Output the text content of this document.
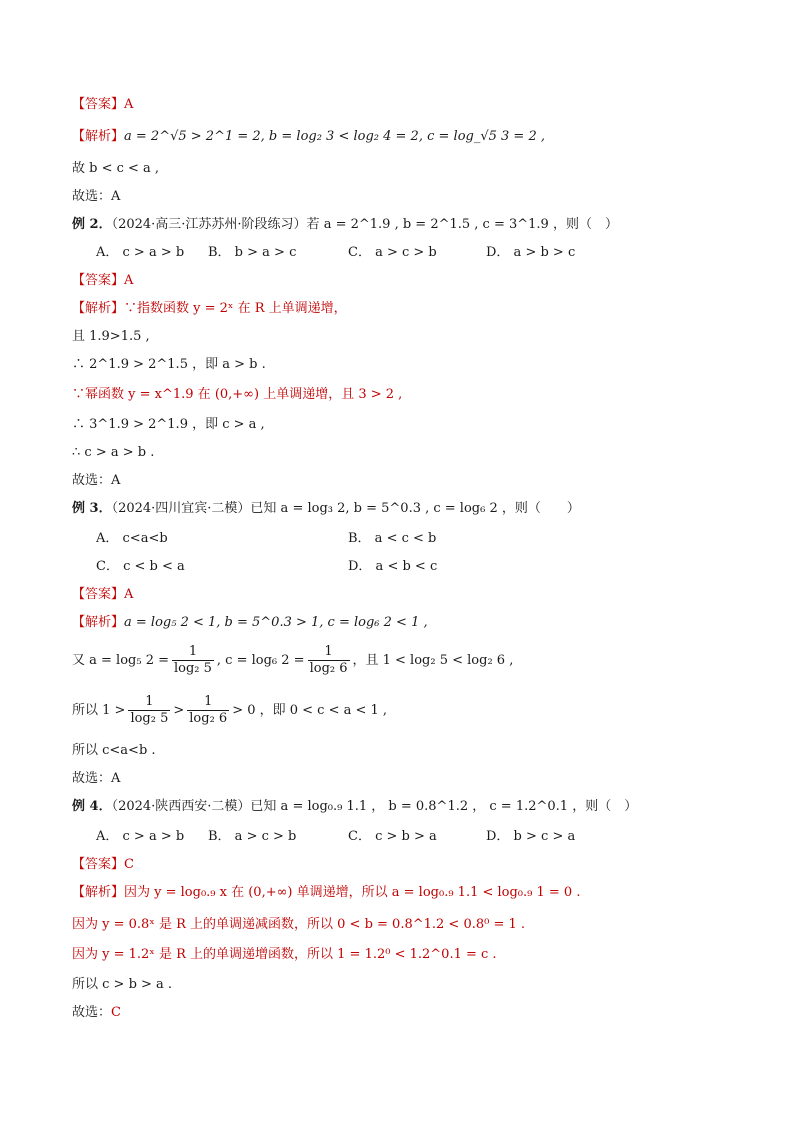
【答案】A
【解析】a = 2^√5 > 2^1 = 2, b = log₂ 3 < log₂ 4 = 2, c = log_√5 3 = 2 ,
故 b < c < a ,
故选：A
例 2．（2024·高三·江苏苏州·阶段练习）若 a = 2^1.9 , b = 2^1.5 , c = 3^1.9 ，则（　）
A． c > a > b B． b > a > c	C． a > c > b	D． a > b > c
【答案】A
【解析】∵指数函数 y = 2ˣ 在 R 上单调递增，
且 1.9>1.5 ,
∴ 2^1.9 > 2^1.5 ，即 a > b .
∵幂函数 y = x^1.9 在 (0,+∞) 上单调递增，且 3 > 2 ,
∴ 3^1.9 > 2^1.9 ，即 c > a ,
∴ c > a > b .
故选：A
例 3．（2024·四川宜宾·二模）已知 a = log₃ 2, b = 5^0.3 , c = log₆ 2 ，则（　　）
A． c<a<b	B． a < c < b
C． c < b < a	D． a < b < c
【答案】A
【解析】a = log₅ 2 < 1, b = 5^0.3 > 1, c = log₆ 2 < 1 ,
又 a = log₅ $2 = \frac{1}{\text{log₂ 5}}$ , c = log₆ $2 = \frac{1}{\text{log₂ 6}}$ ，且 1 < log₂ 5 < log₂ 6 ,
所以 $1 > \frac{1}{\text{log₂ 5}} > \frac{1}{\text{log₂ 6}} > 0$ ，即 0 < c < a < 1 ,
所以 c<a<b .
故选：A
例 4．（2024·陕西西安·二模）已知 a = log₀.₉ 1.1 ， b = 0.8^1.2 ， c = 1.2^0.1 ，则（　）
A． c > a > b B． a > c > b	C． c > b > a	D． b > c > a
【答案】C
【解析】因为 y = log₀.₉ x 在 (0,+∞) 单调递增，所以 a = log₀.₉ 1.1 < log₀.₉ 1 = 0 .
因为 y = 0.8ˣ 是 R 上的单调递减函数，所以 0 < b = 0.8^1.2 < 0.8⁰ = 1 .
因为 y = 1.2ˣ 是 R 上的单调递增函数，所以 1 = 1.2⁰ < 1.2^0.1 = c .
所以 c > b > a .
故选：C
